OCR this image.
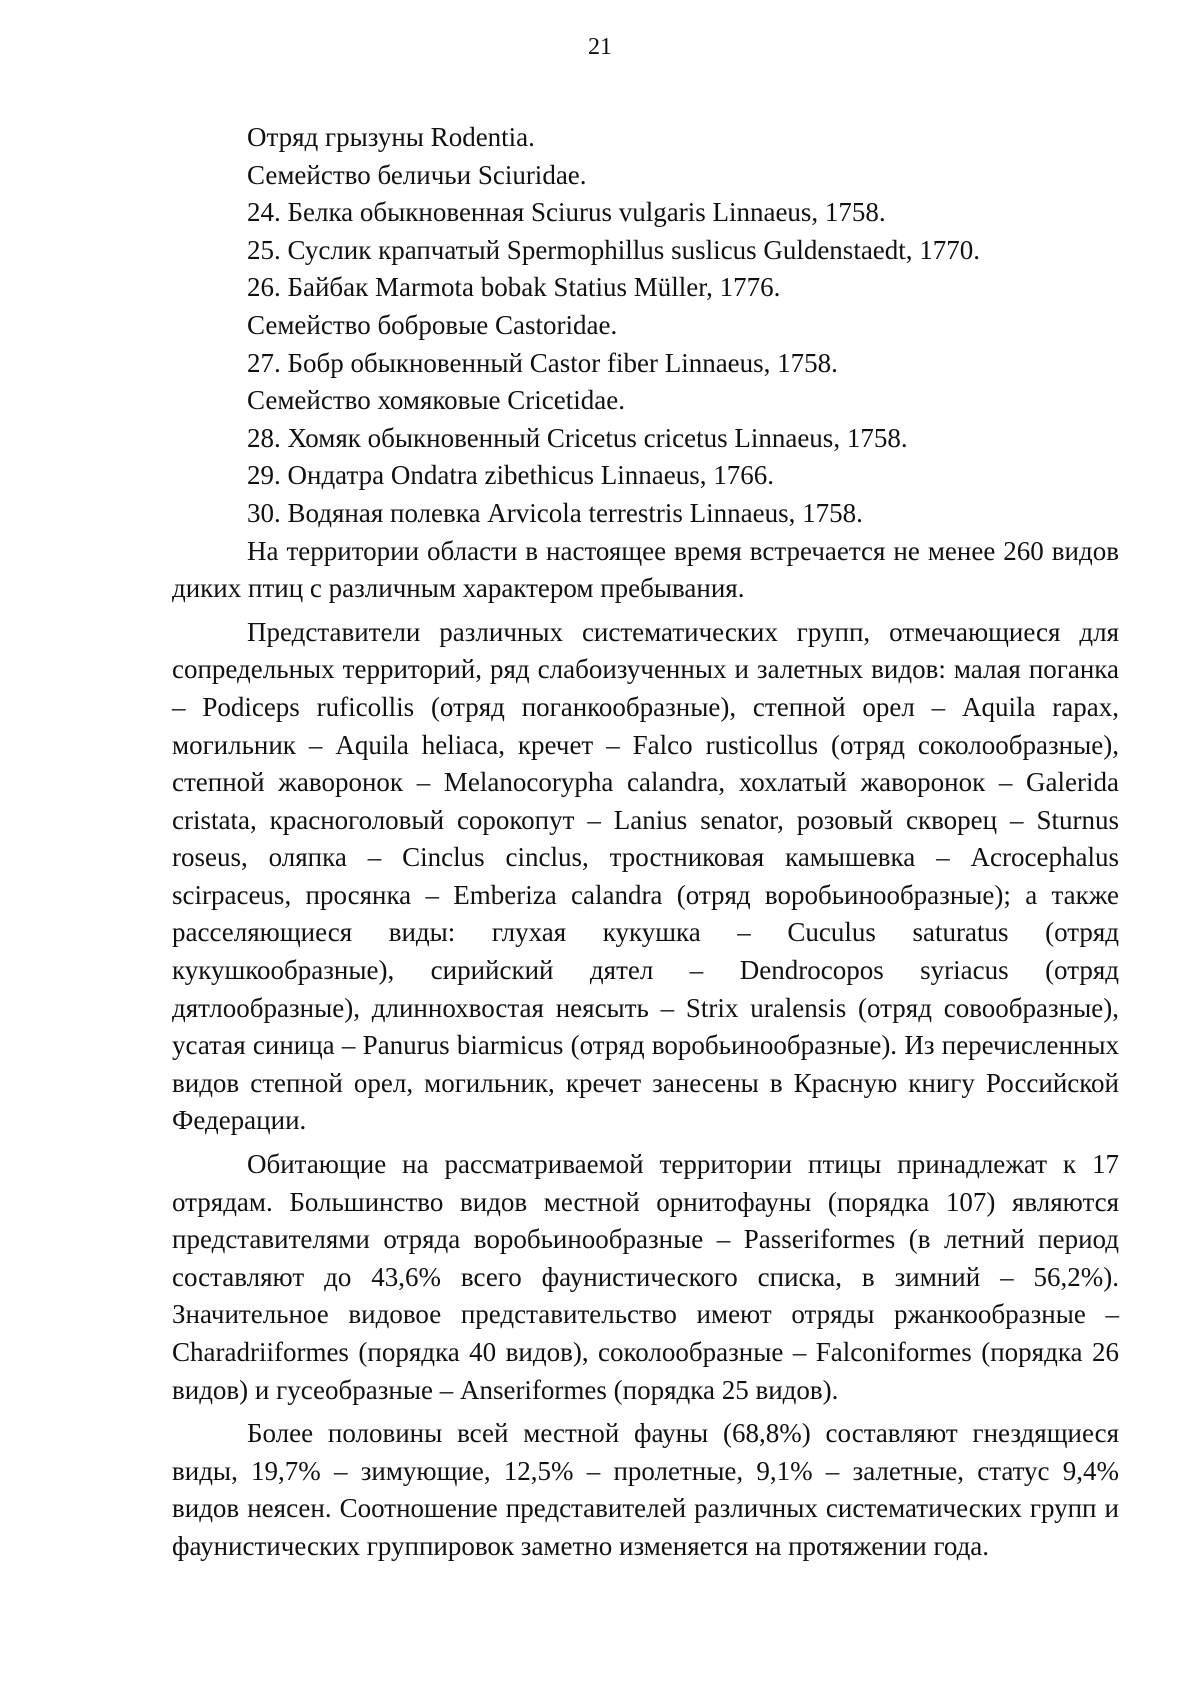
21
Отряд грызуны Rodentia.
Семейство беличьи Sciuridae.
24. Белка обыкновенная Sciurus vulgaris Linnaeus, 1758.
25. Суслик крапчатый Spermophillus suslicus Guldenstaedt, 1770.
26. Байбак Marmota bobak Statius Müller, 1776.
Семейство бобровые Castoridae.
27. Бобр обыкновенный Castor fiber Linnaeus, 1758.
Семейство хомяковые Cricetidae.
28. Хомяк обыкновенный Cricetus cricetus Linnaeus, 1758.
29. Ондатра Ondatra zibethicus Linnaeus, 1766.
30. Водяная полевка Arvicola terrestris Linnaeus, 1758.

На территории области в настоящее время встречается не менее 260 видов диких птиц с различным характером пребывания.

Представители различных систематических групп, отмечающиеся для сопредельных территорий, ряд слабоизученных и залетных видов: малая поганка – Podiceps ruficollis (отряд поганкообразные), степной орел – Aquila rapax, могильник – Aquila heliaca, кречет – Falco rusticollus (отряд соколообразные), степной жаворонок – Melanocorypha calandra, хохлатый жаворонок – Galerida cristata, красноголовый сорокопут – Lanius senator, розовый скворец – Sturnus roseus, оляпка – Cinclus cinclus, тростниковая камышевка – Acrocephalus scirpaceus, просянка – Emberiza calandra (отряд воробьинообразные); а также расселяющиеся виды: глухая кукушка – Cuculus saturatus (отряд кукушкообразные), сирийский дятел – Dendrocopos syriacus (отряд дятлообразные), длиннохвостая неясыть – Strix uralensis (отряд совообразные), усатая синица – Panurus biarmicus (отряд воробьинообразные). Из перечисленных видов степной орел, могильник, кречет занесены в Красную книгу Российской Федерации.

Обитающие на рассматриваемой территории птицы принадлежат к 17 отрядам. Большинство видов местной орнитофауны (порядка 107) являются представителями отряда воробьинообразные – Passeriformes (в летний период составляют до 43,6% всего фаунистического списка, в зимний – 56,2%). Значительное видовое представительство имеют отряды ржанкообразные – Charadriiformes (порядка 40 видов), соколообразные – Falconiformes (порядка 26 видов) и гусеобразные – Anseriformes (порядка 25 видов).

Более половины всей местной фауны (68,8%) составляют гнездящиеся виды, 19,7% – зимующие, 12,5% – пролетные, 9,1% – залетные, статус 9,4% видов неясен. Соотношение представителей различных систематических групп и фаунистических группировок заметно изменяется на протяжении года.
